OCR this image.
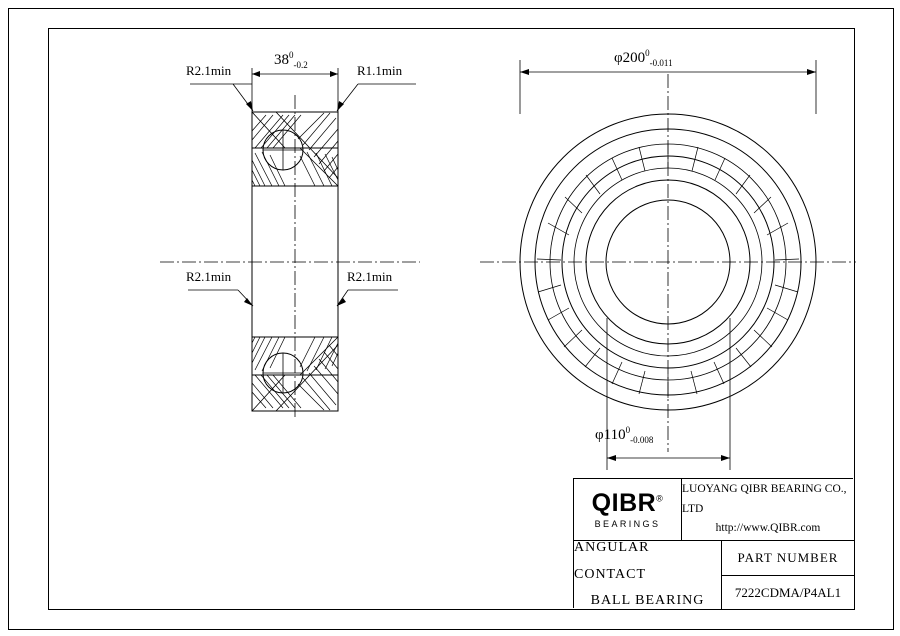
$38^0_{-0.2}$
R2.1min	R1.1min
R2.1min	R2.1min
$\varphi 200^0_{-0.011}$
$\varphi 110^0_{-0.008}$
QIBR®
BEARINGS
LUOYANG QIBR BEARING CO., LTD
http://www.QIBR.com
ANGULAR CONTACT
BALL BEARING
PART NUMBER
7222CDMA/P4AL1
